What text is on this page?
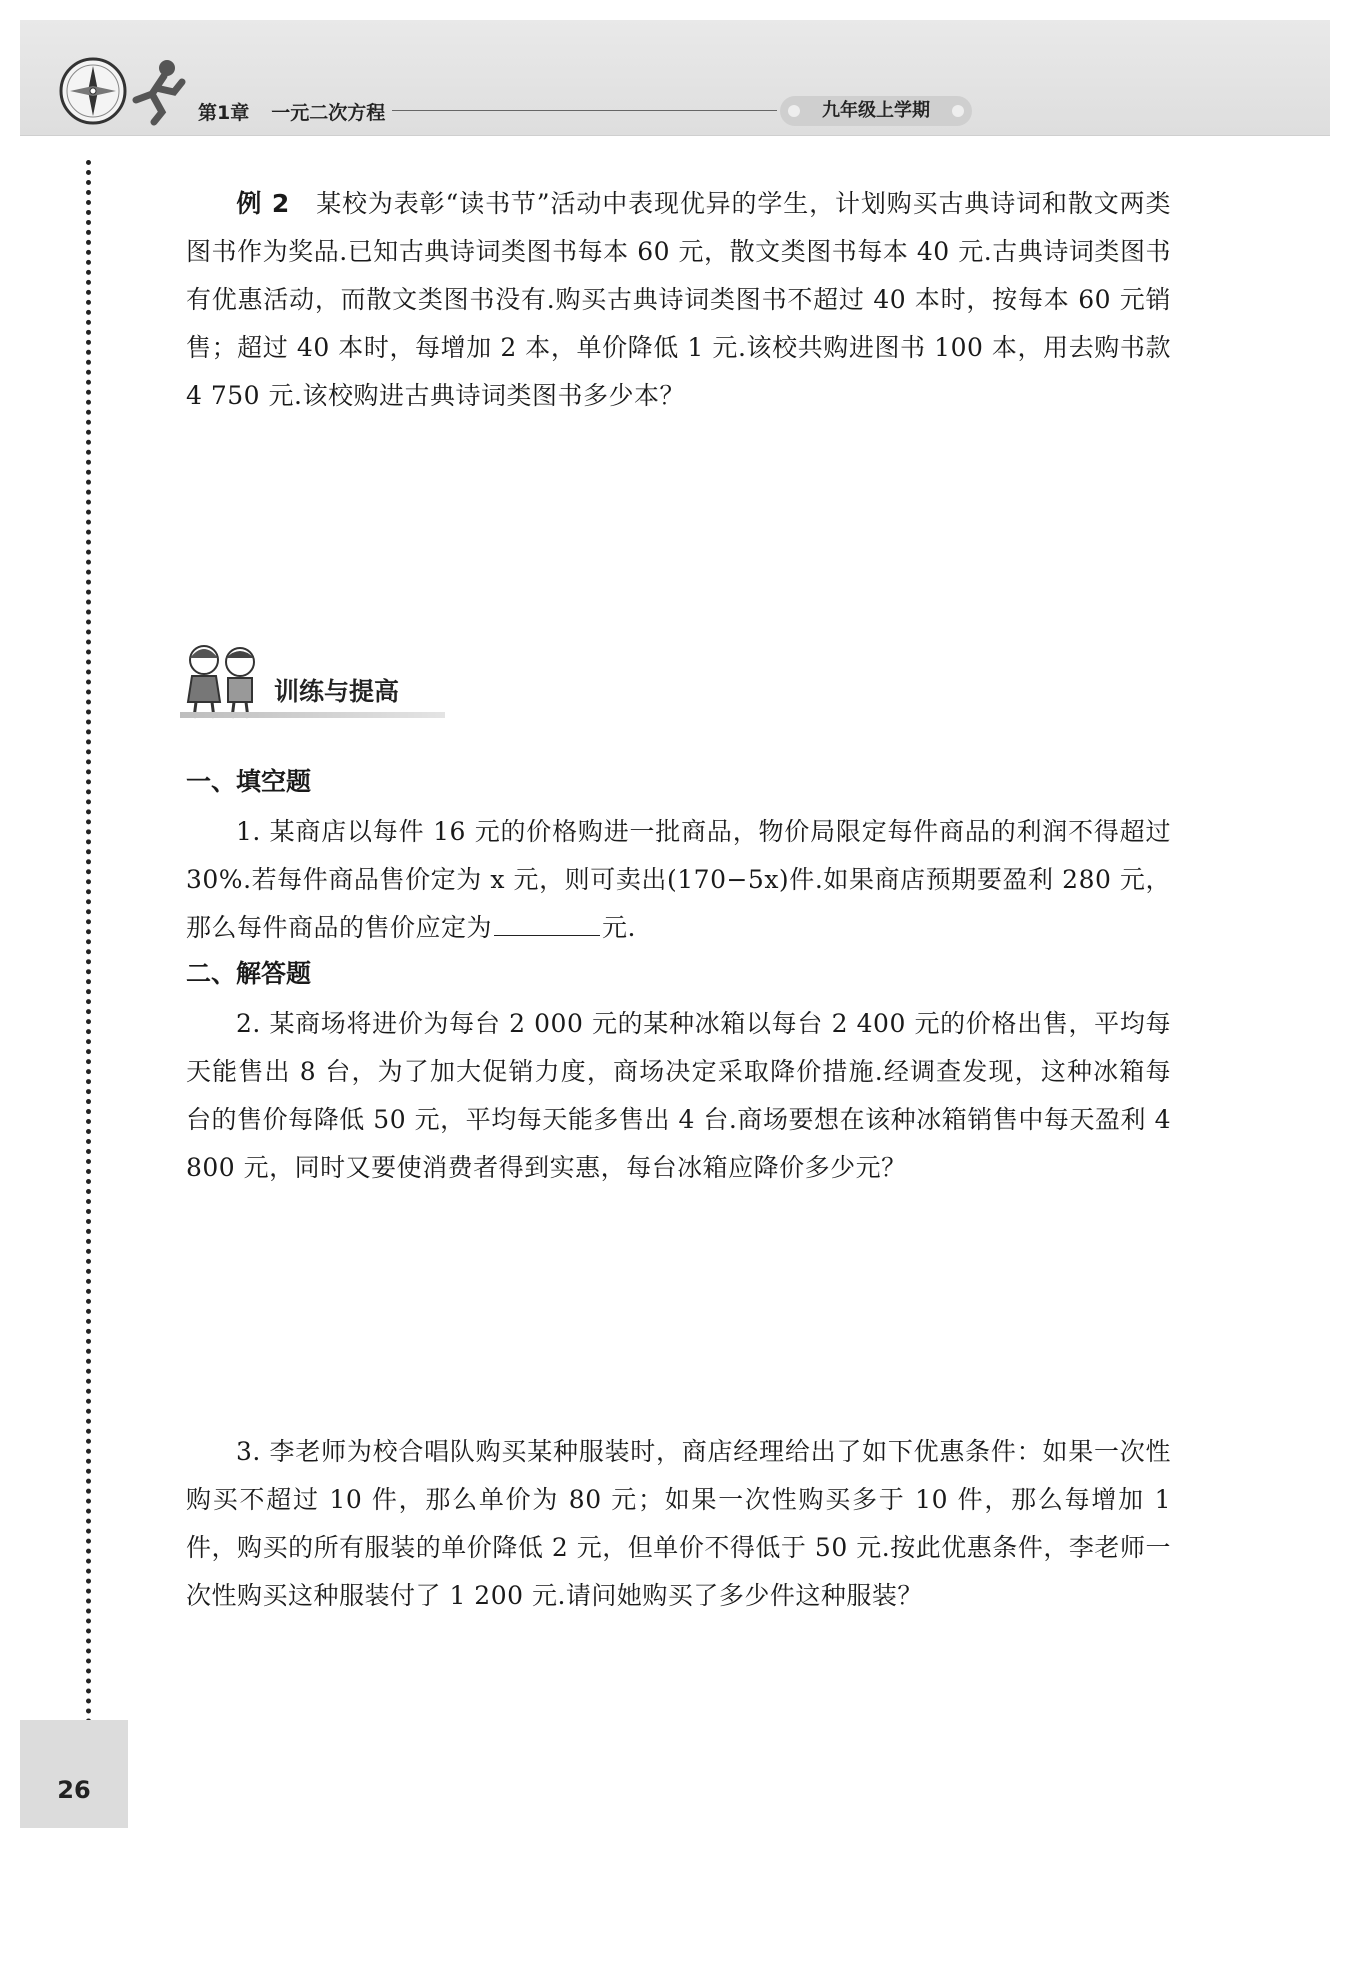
第1章 一元二次方程	九年级上学期
例 2 某校为表彰“读书节”活动中表现优异的学生，计划购买古典诗词和散文两类图书作为奖品.已知古典诗词类图书每本 60 元，散文类图书每本 40 元.古典诗词类图书有优惠活动，而散文类图书没有.购买古典诗词类图书不超过 40 本时，按每本 60 元销售；超过 40 本时，每增加 2 本，单价降低 1 元.该校共购进图书 100 本，用去购书款 4 750 元.该校购进古典诗词类图书多少本？
训练与提高
一、填空题
1. 某商店以每件 16 元的价格购进一批商品，物价局限定每件商品的利润不得超过 30%.若每件商品售价定为 x 元，则可卖出(170−5x)件.如果商店预期要盈利 280 元，那么每件商品的售价应定为	元.
二、解答题
2. 某商场将进价为每台 2 000 元的某种冰箱以每台 2 400 元的价格出售，平均每天能售出 8 台，为了加大促销力度，商场决定采取降价措施.经调查发现，这种冰箱每台的售价每降低 50 元，平均每天能多售出 4 台.商场要想在该种冰箱销售中每天盈利 4 800 元，同时又要使消费者得到实惠，每台冰箱应降价多少元？
3. 李老师为校合唱队购买某种服装时，商店经理给出了如下优惠条件：如果一次性购买不超过 10 件，那么单价为 80 元；如果一次性购买多于 10 件，那么每增加 1 件，购买的所有服装的单价降低 2 元，但单价不得低于 50 元.按此优惠条件，李老师一次性购买这种服装付了 1 200 元.请问她购买了多少件这种服装？
26
